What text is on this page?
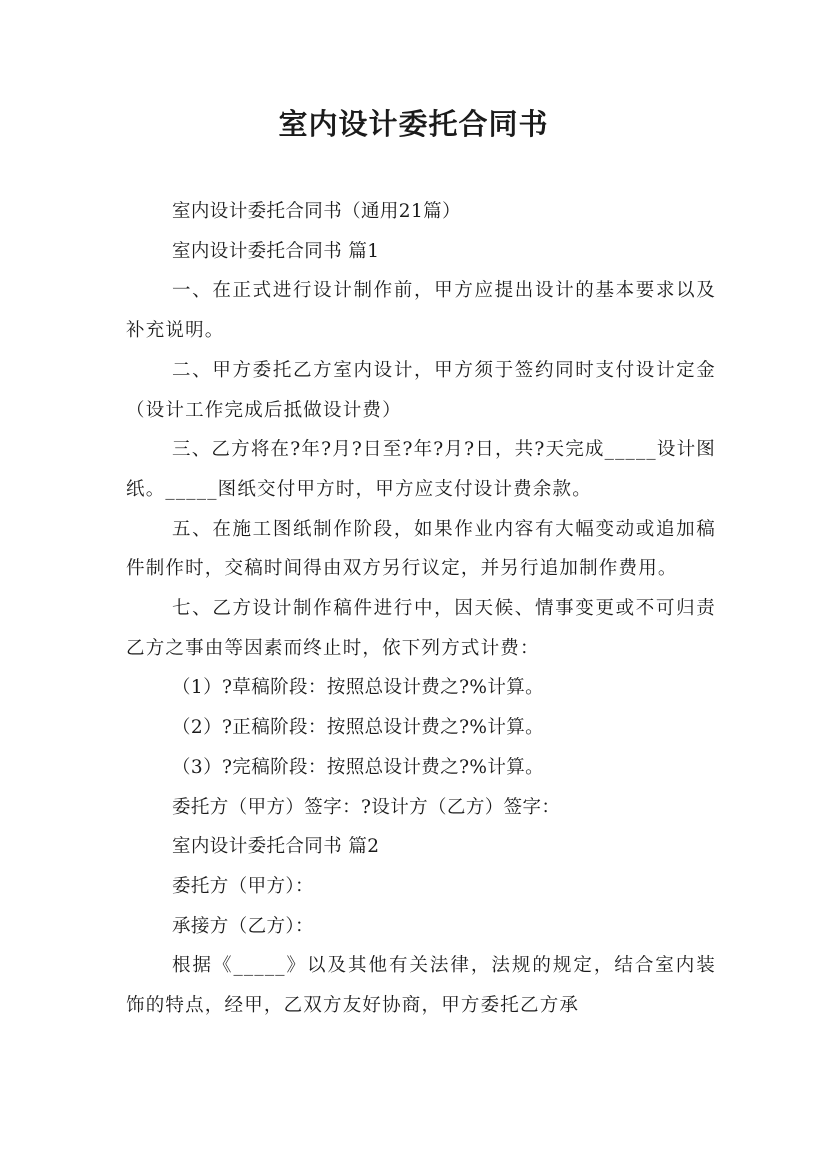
室内设计委托合同书

室内设计委托合同书（通用21篇）

室内设计委托合同书 篇1

一、在正式进行设计制作前，甲方应提出设计的基本要求以及补充说明。

二、甲方委托乙方室内设计，甲方须于签约同时支付设计定金（设计工作完成后抵做设计费）

三、乙方将在?年?月?日至?年?月?日，共?天完成_____设计图纸。_____图纸交付甲方时，甲方应支付设计费余款。

五、在施工图纸制作阶段，如果作业内容有大幅变动或追加稿件制作时，交稿时间得由双方另行议定，并另行追加制作费用。

七、乙方设计制作稿件进行中，因天候、情事变更或不可归责乙方之事由等因素而终止时，依下列方式计费：

（1）?草稿阶段：按照总设计费之?%计算。

（2）?正稿阶段：按照总设计费之?%计算。

（3）?完稿阶段：按照总设计费之?%计算。

委托方（甲方）签字：?设计方（乙方）签字：

室内设计委托合同书 篇2

委托方（甲方）：

承接方（乙方）：

根据《_____》以及其他有关法律，法规的规定，结合室内装饰的特点，经甲，乙双方友好协商，甲方委托乙方承
